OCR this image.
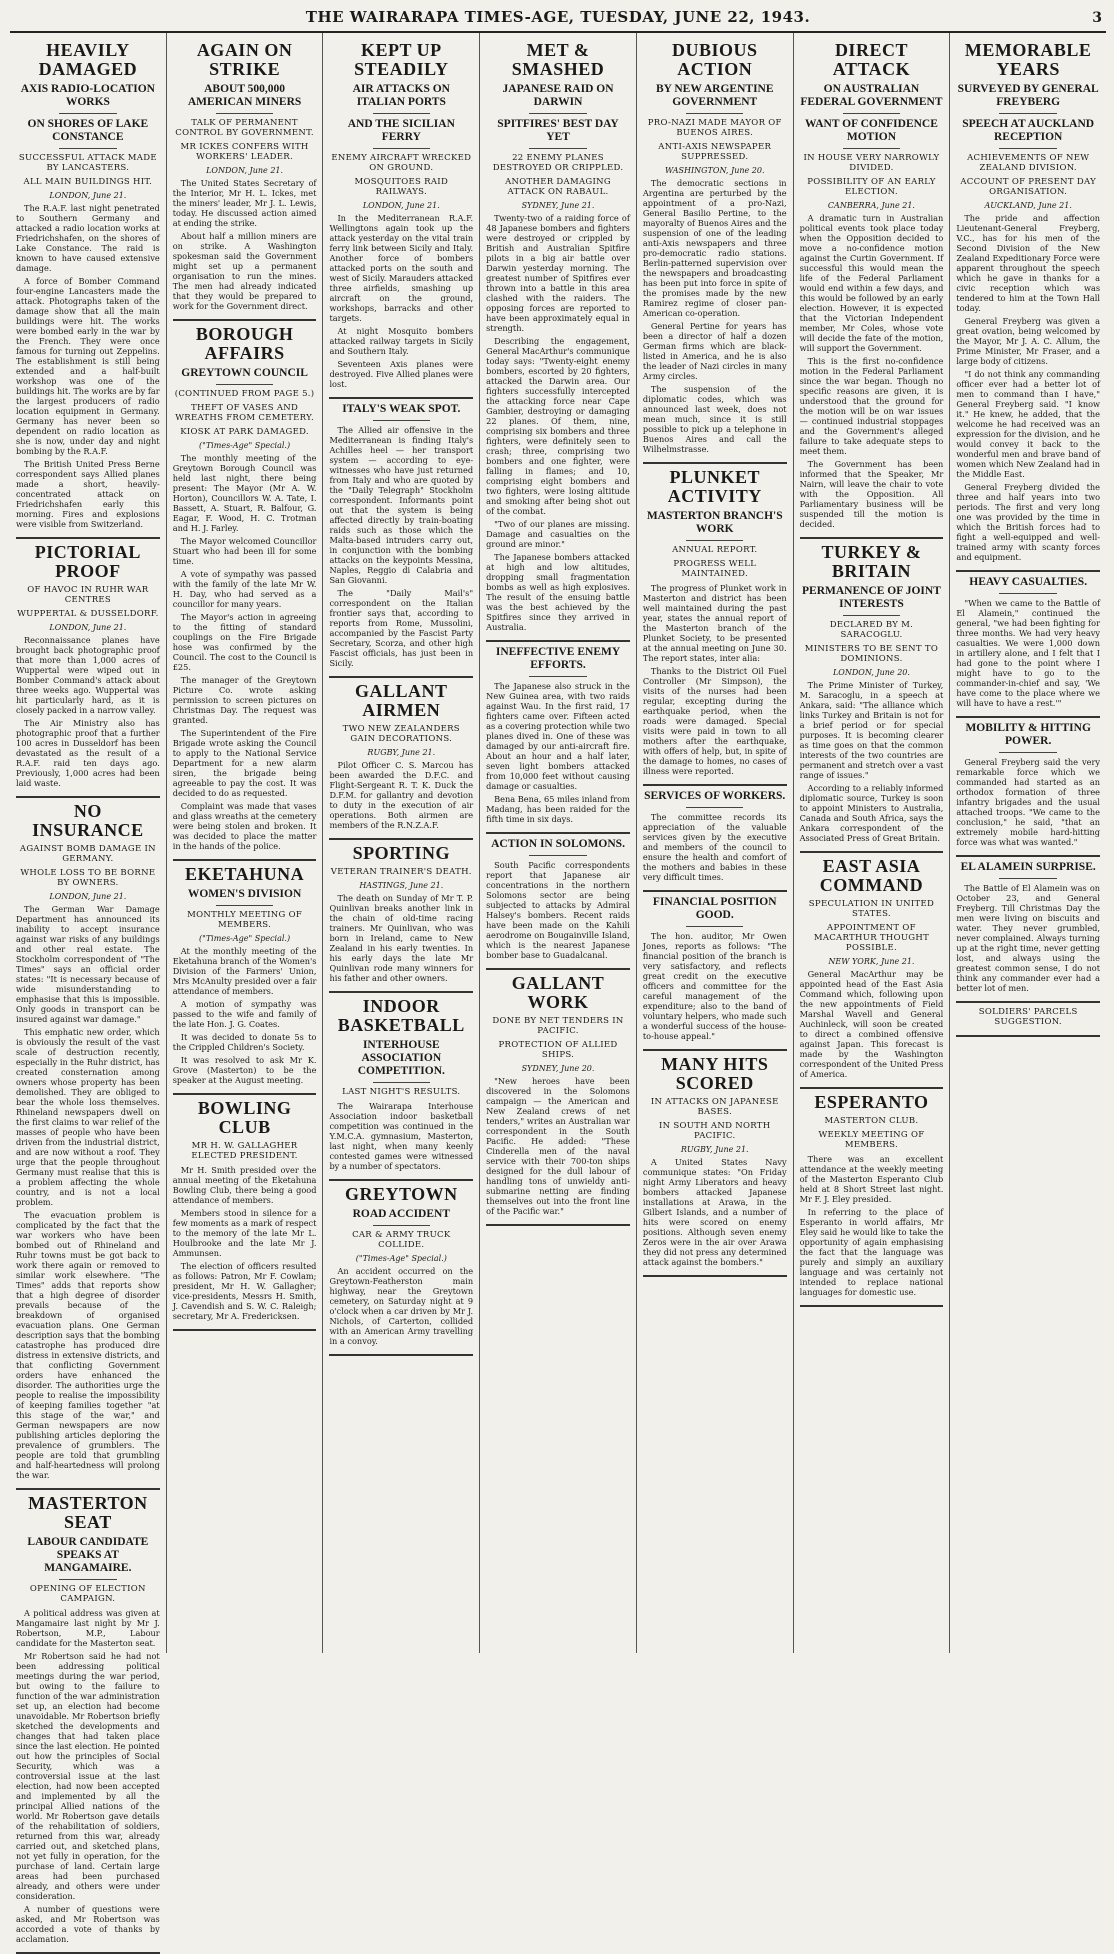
THE WAIRARAPA TIMES-AGE, TUESDAY, JUNE 22, 1943.	3
HEAVILY DAMAGED
AXIS RADIO-LOCATION WORKS
ON SHORES OF LAKE CONSTANCE
SUCCESSFUL ATTACK MADE BY LANCASTERS.
ALL MAIN BUILDINGS HIT.
LONDON, June 21.

The R.A.F. last night penetrated to Southern Germany and attacked a radio location works at Friedrichshafen, on the shores of Lake Constance. The raid is known to have caused extensive damage.

A force of Bomber Command four-engine Lancasters made the attack. Photographs taken of the damage show that all the main buildings were hit. The works were bombed early in the war by the French. They were once famous for turning out Zeppelins. The establishment is still being extended and a half-built workshop was one of the buildings hit. The works are by far the largest producers of radio location equipment in Germany. Germany has never been so dependent on radio location as she is now, under day and night bombing by the R.A.F.

The British United Press Berne correspondent says Allied planes made a short, heavily-concentrated attack on Friedrichshafen early this morning. Fires and explosions were visible from Switzerland.

PICTORIAL PROOF
OF HAVOC IN RUHR WAR CENTRES
WUPPERTAL & DUSSELDORF.
LONDON, June 21.

Reconnaissance planes have brought back photographic proof that more than 1,000 acres of Wuppertal were wiped out in Bomber Command's attack about three weeks ago. Wuppertal was hit particularly hard, as it is closely packed in a narrow valley.

The Air Ministry also has photographic proof that a further 100 acres in Dusseldorf has been devastated as the result of a R.A.F. raid ten days ago. Previously, 1,000 acres had been laid waste.

NO INSURANCE
AGAINST BOMB DAMAGE IN GERMANY.
WHOLE LOSS TO BE BORNE BY OWNERS.
LONDON, June 21.

The German War Damage Department has announced its inability to accept insurance against war risks of any buildings and other real estate. The Stockholm correspondent of "The Times" says an official order states: "It is necessary because of wide misunderstanding to emphasise that this is impossible. Only goods in transport can be insured against war damage."

This emphatic new order, which is obviously the result of the vast scale of destruction recently, especially in the Ruhr district, has created consternation among owners whose property has been demolished. They are obliged to bear the whole loss themselves. Rhineland newspapers dwell on the first claims to war relief of the masses of people who have been driven from the industrial district, and are now without a roof. They urge that the people throughout Germany must realise that this is a problem affecting the whole country, and is not a local problem.

The evacuation problem is complicated by the fact that the war workers who have been bombed out of Rhineland and Ruhr towns must be got back to work there again or removed to similar work elsewhere. "The Times" adds that reports show that a high degree of disorder prevails because of the breakdown of organised evacuation plans. One German description says that the bombing catastrophe has produced dire distress in extensive districts, and that conflicting Government orders have enhanced the disorder. The authorities urge the people to realise the impossibility of keeping families together "at this stage of the war," and German newspapers are now publishing articles deploring the prevalence of grumblers. The people are told that grumbling and half-heartedness will prolong the war.

MASTERTON SEAT
LABOUR CANDIDATE SPEAKS AT MANGAMAIRE.
OPENING OF ELECTION CAMPAIGN.

A political address was given at Mangamaire last night by Mr J. Robertson, M.P., Labour candidate for the Masterton seat.

Mr Robertson said he had not been addressing political meetings during the war period, but owing to the failure to function of the war administration set up, an election had become unavoidable. Mr Robertson briefly sketched the developments and changes that had taken place since the last election. He pointed out how the principles of Social Security, which was a controversial issue at the last election, had now been accepted and implemented by all the principal Allied nations of the world. Mr Robertson gave details of the rehabilitation of soldiers, returned from this war, already carried out, and sketched plans, not yet fully in operation, for the purchase of land. Certain large areas had been purchased already, and others were under consideration.

A number of questions were asked, and Mr Robertson was accorded a vote of thanks by acclamation.

AGAIN ON STRIKE
ABOUT 500,000 AMERICAN MINERS
TALK OF PERMANENT CONTROL BY GOVERNMENT.
MR ICKES CONFERS WITH WORKERS' LEADER.
LONDON, June 21.

The United States Secretary of the Interior, Mr H. L. Ickes, met the miners' leader, Mr J. L. Lewis, today. He discussed action aimed at ending the strike.

About half a million miners are on strike. A Washington spokesman said the Government might set up a permanent organisation to run the mines. The men had already indicated that they would be prepared to work for the Government direct.

BOROUGH AFFAIRS
GREYTOWN COUNCIL
(CONTINUED FROM PAGE 5.)
THEFT OF VASES AND WREATHS FROM CEMETERY.
KIOSK AT PARK DAMAGED.
("Times-Age" Special.)

The monthly meeting of the Greytown Borough Council was held last night, there being present: The Mayor (Mr A. W. Horton), Councillors W. A. Tate, I. Bassett, A. Stuart, R. Balfour, G. Eagar, F. Wood, H. C. Trotman and H. J. Farley.

The Mayor welcomed Councillor Stuart who had been ill for some time.

A vote of sympathy was passed with the family of the late Mr W. H. Day, who had served as a councillor for many years.

The Mayor's action in agreeing to the fitting of standard couplings on the Fire Brigade hose was confirmed by the Council. The cost to the Council is £25.

The manager of the Greytown Picture Co. wrote asking permission to screen pictures on Christmas Day. The request was granted.

The Superintendent of the Fire Brigade wrote asking the Council to apply to the National Service Department for a new alarm siren, the brigade being agreeable to pay the cost. It was decided to do as requested.

Complaint was made that vases and glass wreaths at the cemetery were being stolen and broken. It was decided to place the matter in the hands of the police.

EKETAHUNA
WOMEN'S DIVISION
MONTHLY MEETING OF MEMBERS.
("Times-Age" Special.)

At the monthly meeting of the Eketahuna branch of the Women's Division of the Farmers' Union, Mrs McAnulty presided over a fair attendance of members.

A motion of sympathy was passed to the wife and family of the late Hon. J. G. Coates.

It was decided to donate 5s to the Crippled Children's Society.

It was resolved to ask Mr K. Grove (Masterton) to be the speaker at the August meeting.

BOWLING CLUB
MR H. W. GALLAGHER ELECTED PRESIDENT.

Mr H. Smith presided over the annual meeting of the Eketahuna Bowling Club, there being a good attendance of members.

Members stood in silence for a few moments as a mark of respect to the memory of the late Mr L. Houlbrooke and the late Mr J. Ammunsen.

The election of officers resulted as follows: Patron, Mr F. Cowlam; president, Mr H. W. Gallagher; vice-presidents, Messrs H. Smith, J. Cavendish and S. W. C. Raleigh; secretary, Mr A. Fredericksen.

KEPT UP STEADILY
AIR ATTACKS ON ITALIAN PORTS
AND THE SICILIAN FERRY
ENEMY AIRCRAFT WRECKED ON GROUND.
MOSQUITOES RAID RAILWAYS.
LONDON, June 21.

In the Mediterranean R.A.F. Wellingtons again took up the attack yesterday on the vital train ferry link between Sicily and Italy. Another force of bombers attacked ports on the south and west of Sicily. Marauders attacked three airfields, smashing up aircraft on the ground, workshops, barracks and other targets.

At night Mosquito bombers attacked railway targets in Sicily and Southern Italy.

Seventeen Axis planes were destroyed. Five Allied planes were lost.

ITALY'S WEAK SPOT.

The Allied air offensive in the Mediterranean is finding Italy's Achilles heel — her transport system — according to eye-witnesses who have just returned from Italy and who are quoted by the "Daily Telegraph" Stockholm correspondent. Informants point out that the system is being affected directly by train-boating raids such as those which the Malta-based intruders carry out, in conjunction with the bombing attacks on the keypoints Messina, Naples, Reggio di Calabria and San Giovanni.

The "Daily Mail's" correspondent on the Italian frontier says that, according to reports from Rome, Mussolini, accompanied by the Fascist Party Secretary, Scorza, and other high Fascist officials, has just been in Sicily.

GALLANT AIRMEN
TWO NEW ZEALANDERS GAIN DECORATIONS.
RUGBY, June 21.

Pilot Officer C. S. Marcou has been awarded the D.F.C. and Flight-Sergeant R. T. K. Duck the D.F.M. for gallantry and devotion to duty in the execution of air operations. Both airmen are members of the R.N.Z.A.F.

SPORTING
VETERAN TRAINER'S DEATH.
HASTINGS, June 21.

The death on Sunday of Mr T. P. Quinlivan breaks another link in the chain of old-time racing trainers. Mr Quinlivan, who was born in Ireland, came to New Zealand in his early twenties. In his early days the late Mr Quinlivan rode many winners for his father and other owners.

INDOOR BASKETBALL
INTERHOUSE ASSOCIATION COMPETITION.
LAST NIGHT'S RESULTS.

The Wairarapa Interhouse Association indoor basketball competition was continued in the Y.M.C.A. gymnasium, Masterton, last night, when many keenly contested games were witnessed by a number of spectators.

GREYTOWN
ROAD ACCIDENT
CAR & ARMY TRUCK COLLIDE.
("Times-Age" Special.)

An accident occurred on the Greytown-Featherston main highway, near the Greytown cemetery, on Saturday night at 9 o'clock when a car driven by Mr J. Nichols, of Carterton, collided with an American Army travelling in a convoy.

MET & SMASHED
JAPANESE RAID ON DARWIN
SPITFIRES' BEST DAY YET
22 ENEMY PLANES DESTROYED OR CRIPPLED.
ANOTHER DAMAGING ATTACK ON RABAUL.
SYDNEY, June 21.

Twenty-two of a raiding force of 48 Japanese bombers and fighters were destroyed or crippled by British and Australian Spitfire pilots in a big air battle over Darwin yesterday morning. The greatest number of Spitfires ever thrown into a battle in this area clashed with the raiders. The opposing forces are reported to have been approximately equal in strength.

Describing the engagement, General MacArthur's communique today says: "Twenty-eight enemy bombers, escorted by 20 fighters, attacked the Darwin area. Our fighters successfully intercepted the attacking force near Cape Gambier, destroying or damaging 22 planes. Of them, nine, comprising six bombers and three fighters, were definitely seen to crash; three, comprising two bombers and one fighter, were falling in flames; and 10, comprising eight bombers and two fighters, were losing altitude and smoking after being shot out of the combat.

"Two of our planes are missing. Damage and casualties on the ground are minor."

The Japanese bombers attacked at high and low altitudes, dropping small fragmentation bombs as well as high explosives. The result of the ensuing battle was the best achieved by the Spitfires since they arrived in Australia.

INEFFECTIVE ENEMY EFFORTS.

The Japanese also struck in the New Guinea area, with two raids against Wau. In the first raid, 17 fighters came over. Fifteen acted as a covering protection while two planes dived in. One of these was damaged by our anti-aircraft fire. About an hour and a half later, seven light bombers attacked from 10,000 feet without causing damage or casualties.

Bena Bena, 65 miles inland from Madang, has been raided for the fifth time in six days.

ACTION IN SOLOMONS.

South Pacific correspondents report that Japanese air concentrations in the northern Solomons sector are being subjected to attacks by Admiral Halsey's bombers. Recent raids have been made on the Kahili aerodrome on Bougainville Island, which is the nearest Japanese bomber base to Guadalcanal.

GALLANT WORK
DONE BY NET TENDERS IN PACIFIC.
PROTECTION OF ALLIED SHIPS.
SYDNEY, June 20.

"New heroes have been discovered in the Solomons campaign — the American and New Zealand crews of net tenders," writes an Australian war correspondent in the South Pacific. He added: "These Cinderella men of the naval service with their 700-ton ships designed for the dull labour of handling tons of unwieldy anti-submarine netting are finding themselves out into the front line of the Pacific war."

DUBIOUS ACTION
BY NEW ARGENTINE GOVERNMENT
PRO-NAZI MADE MAYOR OF BUENOS AIRES.
ANTI-AXIS NEWSPAPER SUPPRESSED.
WASHINGTON, June 20.

The democratic sections in Argentina are perturbed by the appointment of a pro-Nazi, General Basilio Pertine, to the mayoralty of Buenos Aires and the suspension of one of the leading anti-Axis newspapers and three pro-democratic radio stations. Berlin-patterned supervision over the newspapers and broadcasting has been put into force in spite of the promises made by the new Ramirez regime of closer pan-American co-operation.

General Pertine for years has been a director of half a dozen German firms which are black-listed in America, and he is also the leader of Nazi circles in many Army circles.

The suspension of the diplomatic codes, which was announced last week, does not mean much, since it is still possible to pick up a telephone in Buenos Aires and call the Wilhelmstrasse.

PLUNKET ACTIVITY
MASTERTON BRANCH'S WORK
ANNUAL REPORT.
PROGRESS WELL MAINTAINED.

The progress of Plunket work in Masterton and district has been well maintained during the past year, states the annual report of the Masterton branch of the Plunket Society, to be presented at the annual meeting on June 30. The report states, inter alia:

Thanks to the District Oil Fuel Controller (Mr Simpson), the visits of the nurses had been regular, excepting during the earthquake period, when the roads were damaged. Special visits were paid in town to all mothers after the earthquake, with offers of help, but, in spite of the damage to homes, no cases of illness were reported.

SERVICES OF WORKERS.

The committee records its appreciation of the valuable services given by the executive and members of the council to ensure the health and comfort of the mothers and babies in these very difficult times.

FINANCIAL POSITION GOOD.

The hon. auditor, Mr Owen Jones, reports as follows: "The financial position of the branch is very satisfactory, and reflects great credit on the executive officers and committee for the careful management of the expenditure; also to the band of voluntary helpers, who made such a wonderful success of the house-to-house appeal."

MANY HITS SCORED
IN ATTACKS ON JAPANESE BASES.
IN SOUTH AND NORTH PACIFIC.
RUGBY, June 21.

A United States Navy communique states: "On Friday night Army Liberators and heavy bombers attacked Japanese installations at Arawa, in the Gilbert Islands, and a number of hits were scored on enemy positions. Although seven enemy Zeros were in the air over Arawa they did not press any determined attack against the bombers."

DIRECT ATTACK
ON AUSTRALIAN FEDERAL GOVERNMENT
WANT OF CONFIDENCE MOTION
IN HOUSE VERY NARROWLY DIVIDED.
POSSIBILITY OF AN EARLY ELECTION.
CANBERRA, June 21.

A dramatic turn in Australian political events took place today when the Opposition decided to move a no-confidence motion against the Curtin Government. If successful this would mean the life of the Federal Parliament would end within a few days, and this would be followed by an early election. However, it is expected that the Victorian Independent member, Mr Coles, whose vote will decide the fate of the motion, will support the Government.

This is the first no-confidence motion in the Federal Parliament since the war began. Though no specific reasons are given, it is understood that the ground for the motion will be on war issues — continued industrial stoppages and the Government's alleged failure to take adequate steps to meet them.

The Government has been informed that the Speaker, Mr Nairn, will leave the chair to vote with the Opposition. All Parliamentary business will be suspended till the motion is decided.

TURKEY & BRITAIN
PERMANENCE OF JOINT INTERESTS
DECLARED BY M. SARACOGLU.
MINISTERS TO BE SENT TO DOMINIONS.
LONDON, June 20.

The Prime Minister of Turkey, M. Saracoglu, in a speech at Ankara, said: "The alliance which links Turkey and Britain is not for a brief period or for special purposes. It is becoming clearer as time goes on that the common interests of the two countries are permanent and stretch over a vast range of issues."

According to a reliably informed diplomatic source, Turkey is soon to appoint Ministers to Australia, Canada and South Africa, says the Ankara correspondent of the Associated Press of Great Britain.

EAST ASIA COMMAND
SPECULATION IN UNITED STATES.
APPOINTMENT OF MACARTHUR THOUGHT POSSIBLE.
NEW YORK, June 21.

General MacArthur may be appointed head of the East Asia Command which, following upon the new appointments of Field Marshal Wavell and General Auchinleck, will soon be created to direct a combined offensive against Japan. This forecast is made by the Washington correspondent of the United Press of America.

ESPERANTO
MASTERTON CLUB.
WEEKLY MEETING OF MEMBERS.

There was an excellent attendance at the weekly meeting of the Masterton Esperanto Club held at 8 Short Street last night. Mr F. J. Eley presided.

In referring to the place of Esperanto in world affairs, Mr Eley said he would like to take the opportunity of again emphasising the fact that the language was purely and simply an auxiliary language and was certainly not intended to replace national languages for domestic use.

MEMORABLE YEARS
SURVEYED BY GENERAL FREYBERG
SPEECH AT AUCKLAND RECEPTION
ACHIEVEMENTS OF NEW ZEALAND DIVISION.
ACCOUNT OF PRESENT DAY ORGANISATION.
AUCKLAND, June 21.

The pride and affection Lieutenant-General Freyberg, V.C., has for his men of the Second Division of the New Zealand Expeditionary Force were apparent throughout the speech which he gave in thanks for a civic reception which was tendered to him at the Town Hall today.

General Freyberg was given a great ovation, being welcomed by the Mayor, Mr J. A. C. Allum, the Prime Minister, Mr Fraser, and a large body of citizens.

"I do not think any commanding officer ever had a better lot of men to command than I have," General Freyberg said. "I know it." He knew, he added, that the welcome he had received was an expression for the division, and he would convey it back to the wonderful men and brave band of women which New Zealand had in the Middle East.

General Freyberg divided the three and half years into two periods. The first and very long one was provided by the time in which the British forces had to fight a well-equipped and well-trained army with scanty forces and equipment.

HEAVY CASUALTIES.

"When we came to the Battle of El Alamein," continued the general, "we had been fighting for three months. We had very heavy casualties. We were 1,000 down in artillery alone, and I felt that I had gone to the point where I might have to go to the commander-in-chief and say, 'We have come to the place where we will have to have a rest.'"

MOBILITY & HITTING POWER.

General Freyberg said the very remarkable force which we commanded had started as an orthodox formation of three infantry brigades and the usual attached troops. "We came to the conclusion," he said, "that an extremely mobile hard-hitting force was what was wanted."

EL ALAMEIN SURPRISE.

The Battle of El Alamein was on October 23, and General Freyberg. Till Christmas Day the men were living on biscuits and water. They never grumbled, never complained. Always turning up at the right time, never getting lost, and always using the greatest common sense, I do not think any commander ever had a better lot of men.

SOLDIERS' PARCELS SUGGESTION.
